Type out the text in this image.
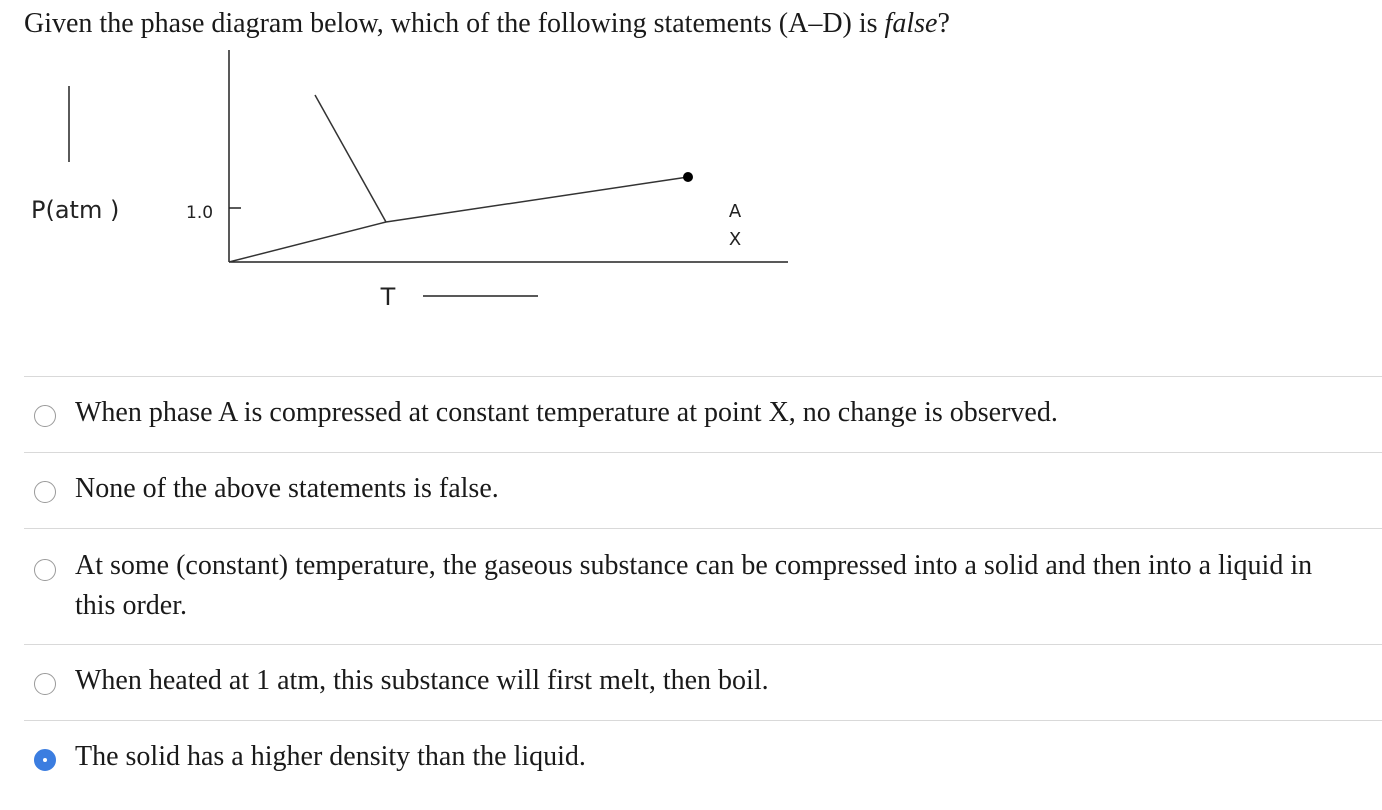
Given the phase diagram below, which of the following statements (A–D) is false?
P(atm )	1.0	A
X
T
When phase A is compressed at constant temperature at point X, no change is observed.
None of the above statements is false.
At some (constant) temperature, the gaseous substance can be compressed into a solid and then into a liquid in this order.
When heated at 1 atm, this substance will first melt, then boil.
The solid has a higher density than the liquid.
